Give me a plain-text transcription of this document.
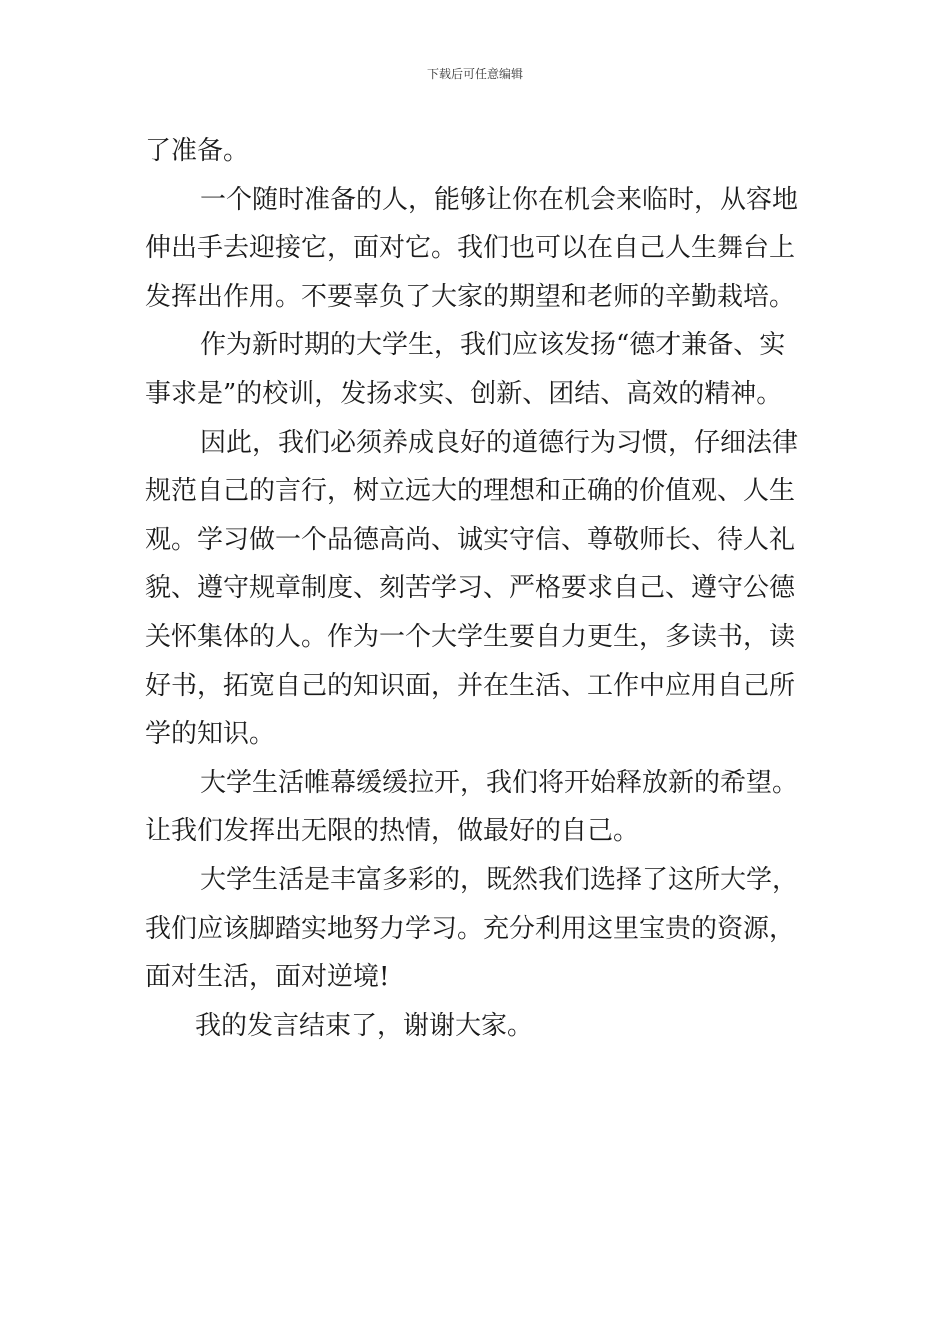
下载后可任意编辑
了准备。
一个随时准备的人，能够让你在机会来临时，从容地
伸出手去迎接它，面对它。我们也可以在自己人生舞台上
发挥出作用。不要辜负了大家的期望和老师的辛勤栽培。
作为新时期的大学生，我们应该发扬“德才兼备、实
事求是”的校训，发扬求实、创新、团结、高效的精神。
因此，我们必须养成良好的道德行为习惯，仔细法律
规范自己的言行，树立远大的理想和正确的价值观、人生
观。学习做一个品德高尚、诚实守信、尊敬师长、待人礼
貌、遵守规章制度、刻苦学习、严格要求自己、遵守公德
关怀集体的人。作为一个大学生要自力更生，多读书，读
好书，拓宽自己的知识面，并在生活、工作中应用自己所
学的知识。
大学生活帷幕缓缓拉开，我们将开始释放新的希望。
让我们发挥出无限的热情，做最好的自己。
大学生活是丰富多彩的，既然我们选择了这所大学，
我们应该脚踏实地努力学习。充分利用这里宝贵的资源，
面对生活，面对逆境!
我的发言结束了，谢谢大家。
